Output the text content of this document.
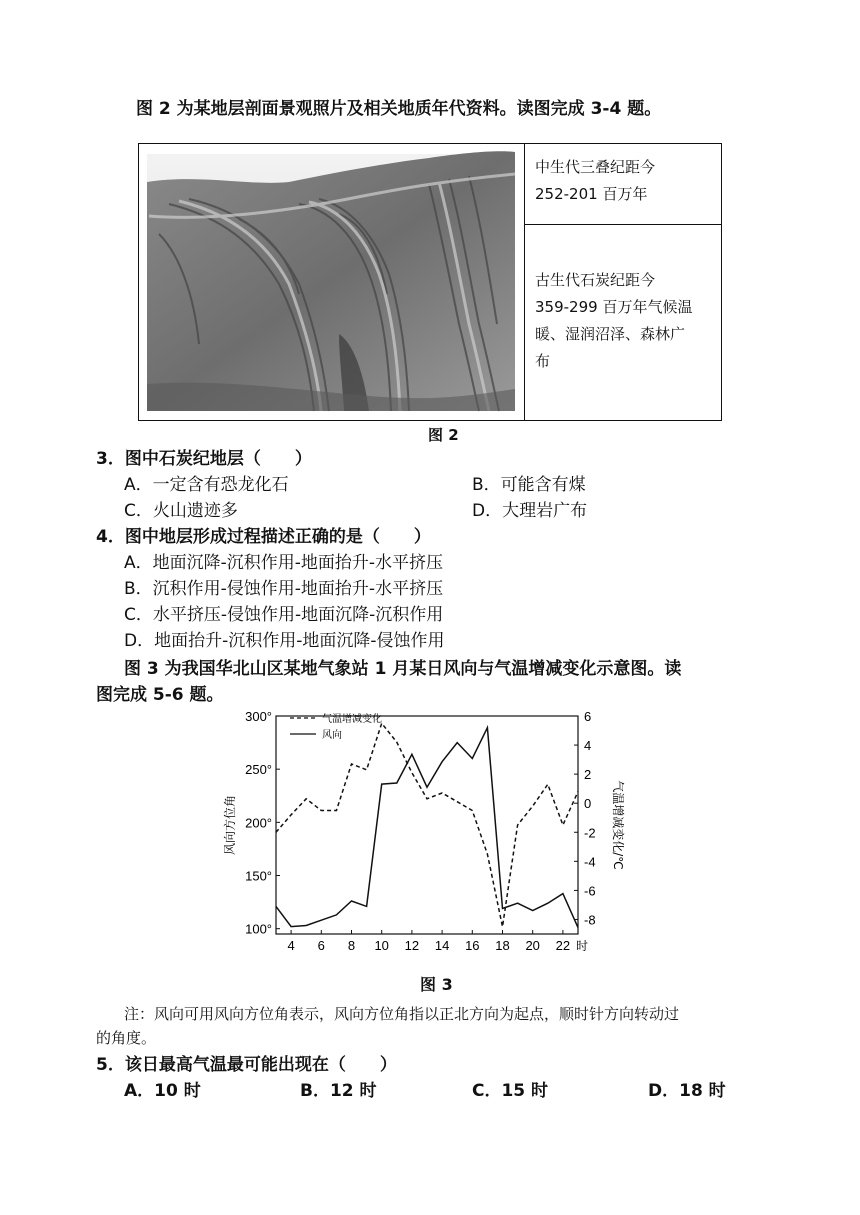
图 2 为某地层剖面景观照片及相关地质年代资料。读图完成 3-4 题。
中生代三叠纪距今
252-201 百万年
古生代石炭纪距今
359-299 百万年气候温
暖、湿润沼泽、森林广
布
图 2
3．图中石炭纪地层（　　）
A．一定含有恐龙化石	B．可能含有煤
C．火山遗迹多	D．大理岩广布
4．图中地层形成过程描述正确的是（　　）
A．地面沉降-沉积作用-地面抬升-水平挤压
B．沉积作用-侵蚀作用-地面抬升-水平挤压
C．水平挤压-侵蚀作用-地面沉降-沉积作用
D．地面抬升-沉积作用-地面沉降-侵蚀作用
图 3 为我国华北山区某地气象站 1 月某日风向与气温增减变化示意图。读
图完成 5-6 题。
100°
150°
200°
250°
300°	6
4
2
0
-2
-4
-6
-8
4 6 8 10 12 14 16 18 20 22 时
风向方位角	气温增减变化/℃
气温增减变化
风向
图 3
注：风向可用风向方位角表示，风向方位角指以正北方向为起点，顺时针方向转动过
的角度。
5．该日最高气温最可能出现在（　　）
A．10 时	B．12 时	C．15 时	D．18 时
